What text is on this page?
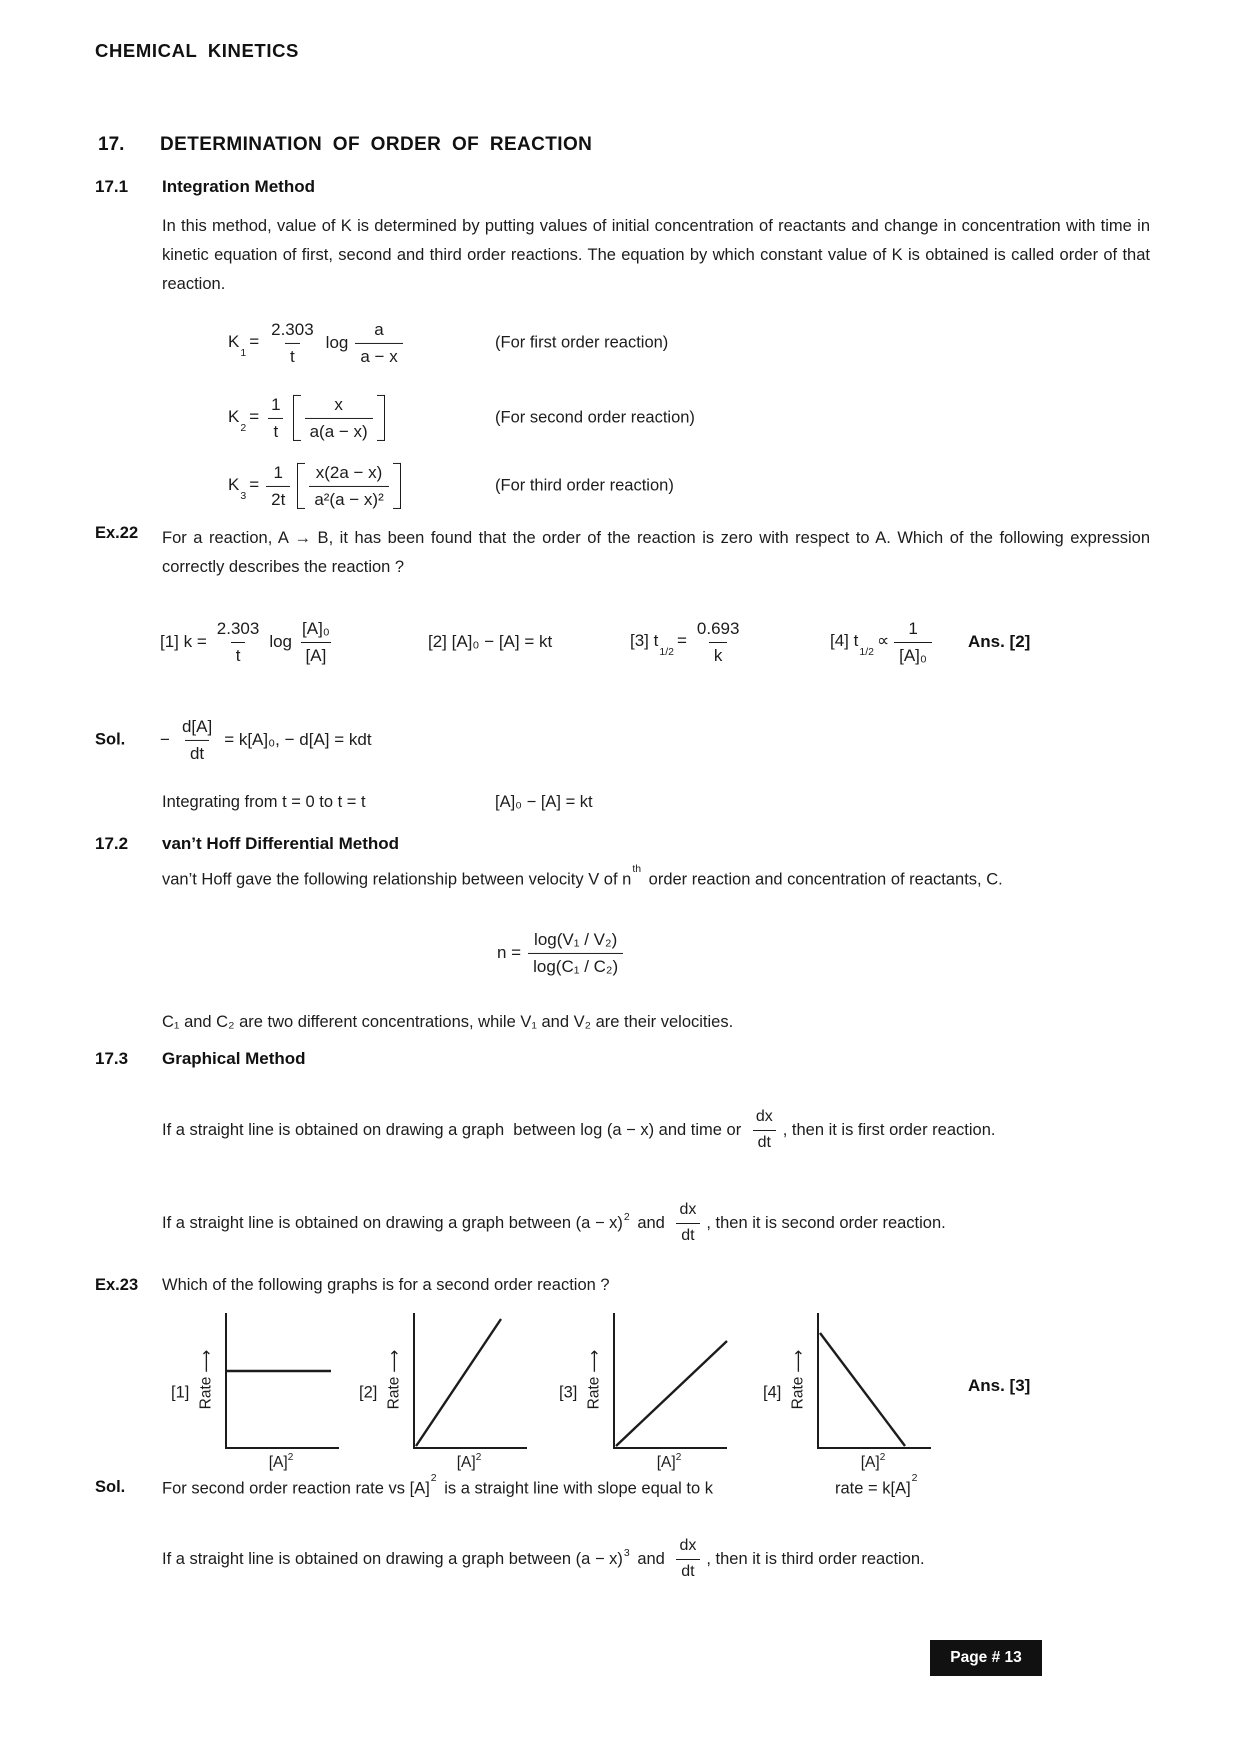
CHEMICAL KINETICS
17. DETERMINATION OF ORDER OF REACTION
17.1 Integration Method
In this method, value of K is determined by putting values of initial concentration of reactants and change in concentration with time in kinetic equation of first, second and third order reactions. The equation by which constant value of K is obtained is called order of that reaction.
$K_1= \frac{2.303}{t}$ $\log \frac{a}{a - x}$	(For first order reaction)
$K_2= \frac{1}{t} \frac{x}{a(a - x)}$	(For second order reaction)
$K_3= \frac{1}{2t} \frac{x(2a - x)}{\text{a²(a − x)²}}$	(For third order reaction)
Ex.22 For a reaction, A → B, it has been found that the order of the reaction is zero with respect to A. Which of the following expression correctly describes the reaction ?
[1] $k = \frac{2.303}{t}$ $\log \frac{\text{[A]₀}}{[A]}$	[2] [A]₀ − [A] = kt	[3] $t_{1/2}= \frac{0.693}{k}$	[4] $t_{1/2}\propto \frac{1}{\text{[A]₀}}$ Ans. [2]
Sol. − $\frac{d[A]}{dt} = k[A]_0$, − d[A] = kdt
Integrating from t = 0 to t = t	[A]₀ − [A] = kt
17.2 van’t Hoff Differential Method
van’t Hoff gave the following relationship between velocity V of $n^{th}$ order reaction and concentration of reactants, C.
$n = \frac{\text{log(V₁ / V₂)}}{\text{log(C₁ / C₂)}}$
C₁ and C₂ are two different concentrations, while V₁ and V₂ are their velocities.
17.3 Graphical Method
If a straight line is obtained on drawing a graph  between log (a − x) and time or $\frac{dx}{dt}$ , then it is first order reaction.
If a straight line is obtained on drawing a graph between $(a - x)^2$ and $\frac{dx}{dt}$ , then it is second order reaction.
Ex.23 Which of the following graphs is for a second order reaction ?
[1] Rate
⟶
$[A]^2$
[2] Rate
⟶
$[A]^2$
[3] Rate
⟶
$[A]^2$
[4] Rate
⟶
$[A]^2$
Ans. [3]
Sol. For second order reaction rate vs $[A]^2$ is a straight line with slope equal to k	rate = $k[A]^2$
If a straight line is obtained on drawing a graph between $(a - x)^3$ and $\frac{dx}{dt}$ , then it is third order reaction.
Page # 13
